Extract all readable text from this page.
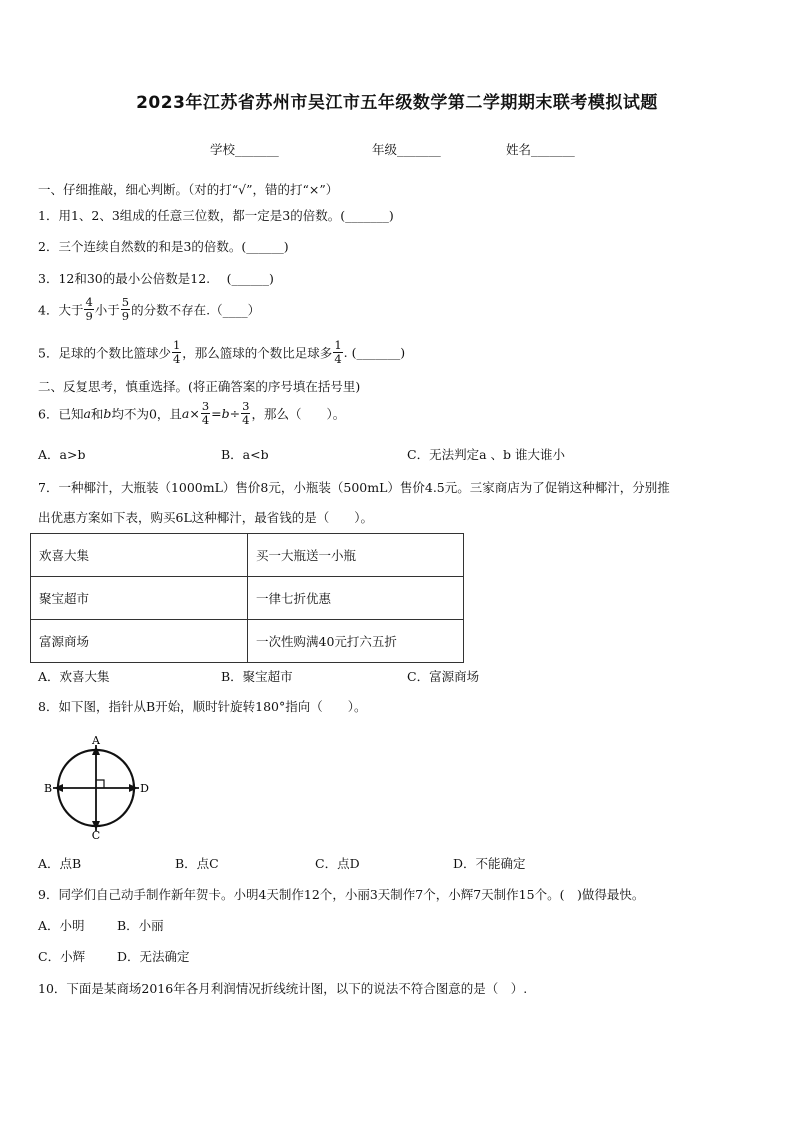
2023年江苏省苏州市吴江市五年级数学第二学期期末联考模拟试题
学校_______	年级_______	姓名_______
一、仔细推敲，细心判断。（对的打“√”，错的打“×”）
1．用1、2、3组成的任意三位数，都一定是3的倍数。(_______)
2．三个连续自然数的和是3的倍数。(______)
3．12和30的最小公倍数是12.　 (______)
4．大于 $\frac{4}{9}$ 小于 $\frac{5}{9}$ 的分数不存在.（____）
5．足球的个数比篮球少 $\frac{1}{4}$ ，那么篮球的个数比足球多 $\frac{1}{4}$ . (_______)
二、反复思考，慎重选择。(将正确答案的序号填在括号里)
6．已知a和b均不为0，且$a\times \frac{3}{4} =b\div \frac{3}{4}$ ，那么（　　）。
A．a>b	B．a<b	C．无法判定a 、b 谁大谁小
7．一种椰汁，大瓶装（1000mL）售价8元，小瓶装（500mL）售价4.5元。三家商店为了促销这种椰汁，分别推
出优惠方案如下表，购买6L这种椰汁，最省钱的是（　　）。
欢喜大集	买一大瓶送一小瓶
聚宝超市	一律七折优惠
富源商场	一次性购满40元打六五折
A．欢喜大集	B．聚宝超市	C．富源商场
8．如下图，指针从B开始，顺时针旋转180°指向（　　）。
A
C
B	D
A．点B	B．点C	C．点D	D．不能确定
9．同学们自己动手制作新年贺卡。小明4天制作12个，小丽3天制作7个，小辉7天制作15个。(　)做得最快。
A．小明	B．小丽
C．小辉	D．无法确定
10．下面是某商场2016年各月利润情况折线统计图，以下的说法不符合图意的是（　）.
